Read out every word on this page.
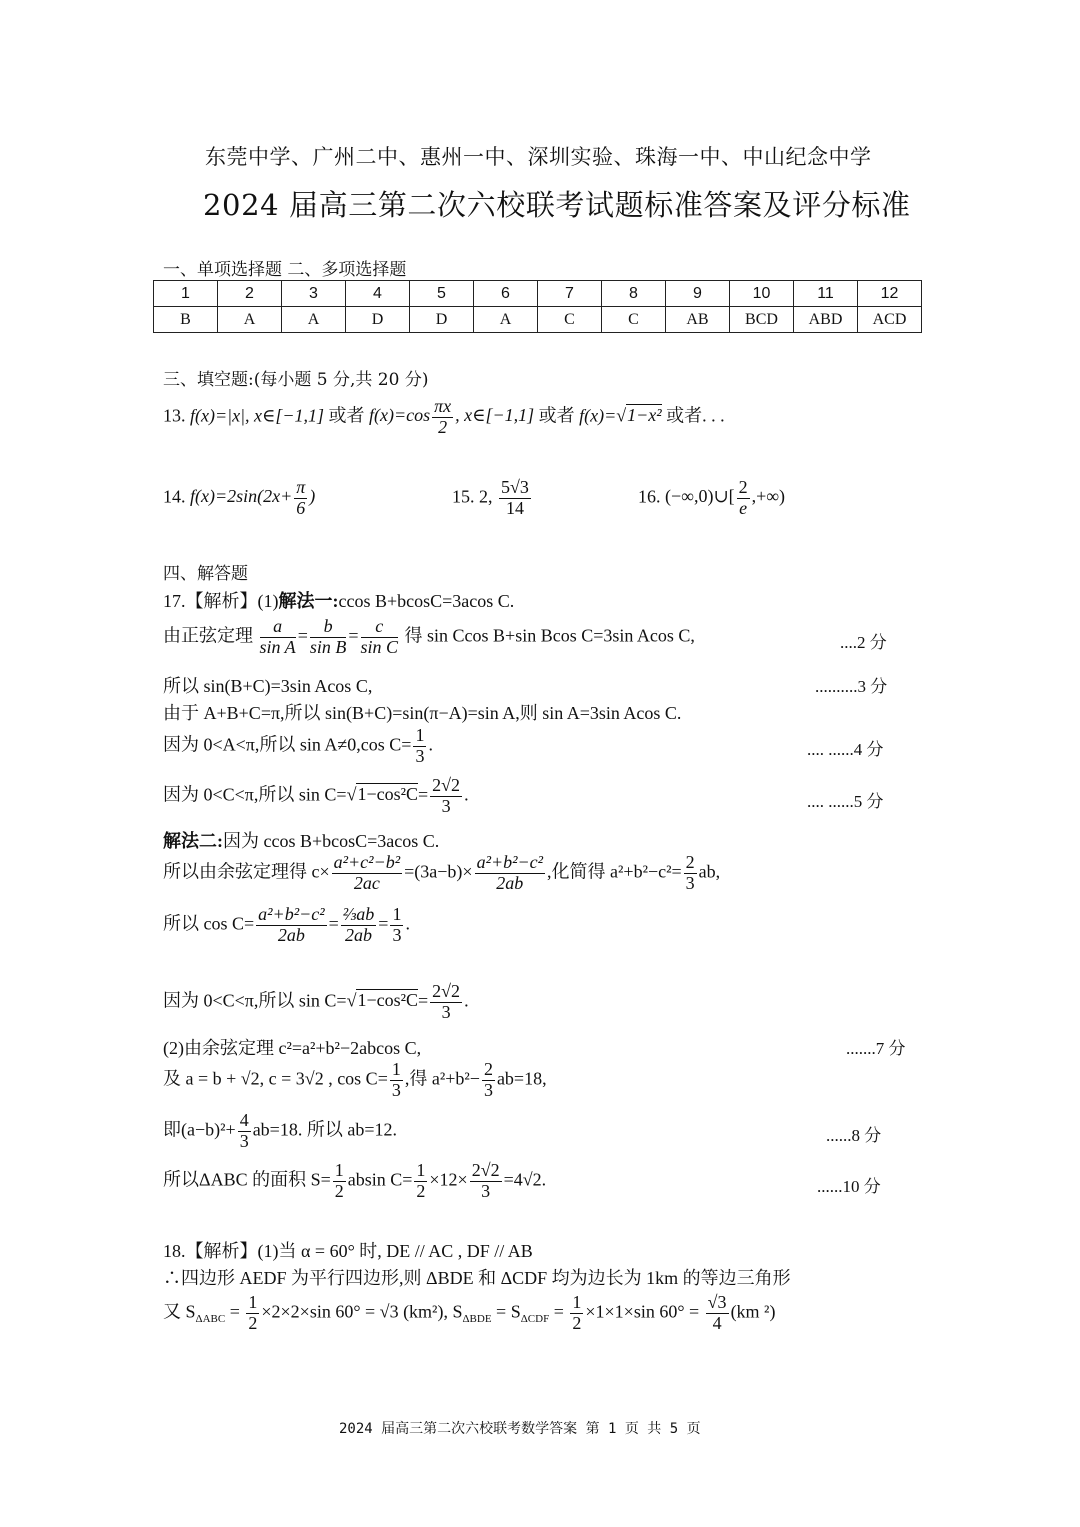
东莞中学、广州二中、惠州一中、深圳实验、珠海一中、中山纪念中学
2024 届高三第二次六校联考试题标准答案及评分标准
一、单项选择题 二、多项选择题
1	2	3	4	5	6	7	8	9	10	11	12
B	A	A	D	D	A	C	C	AB	BCD	ABD	ACD
三、填空题:(每小题 5 分,共 20 分)
13. f(x)=|x|, x∈[−1,1] 或者 $f(x)=\cos \frac{\pi x}{2}$ , x∈[−1,1] 或者 f(x)=√1−x² 或者. . .
14. $f(x)=2\sin(2x+ \frac{\pi}{6}$ )	15. 2, $\frac{5√3}{14}$	16. (−∞,0)∪[ $\frac{2}{e}$ ,+∞)
四、解答题
17.【解析】(1)解法一:ccos B+bcosC=3acos C.
由正弦定理 $\frac{a}{\text{sin A}} = \frac{b}{\text{sin B}} = \frac{c}{\text{sin C}}$ 得 sin Ccos B+sin Bcos C=3sin Acos C,	....2 分
所以 sin(B+C)=3sin Acos C,	..........3 分
由于 A+B+C=π,所以 sin(B+C)=sin(π−A)=sin A,则 sin A=3sin Acos C.
因为 0<A<π,所以 sin A≠0,cos $C= \frac{1}{3}$ .	.... ......4 分
因为 0<C<π,所以 $\sin C=√1-\cos^2C= \frac{2√2}{3}$ .	.... ......5 分
解法二:因为 ccos B+bcosC=3acos C.
所以由余弦定理得 $c\times \frac{\text{a²+c²−b²}}{2ac} =(3a-b)\times \frac{\text{a²+b²−c²}}{2ab}$ ,化简得 $a^2+b^2-c^2= \frac{2}{3}$ ab,
所以 $\cos C= \frac{\text{a²+b²−c²}}{2ab} = \frac{\text{⅔ab}}{2ab} = \frac{1}{3}$ .
因为 0<C<π,所以 $\sin C=√1-\cos^2C= \frac{2√2}{3}$ .
(2)由余弦定理 c²=a²+b²−2abcos C,	.......7 分
及 a = b + √2, c = 3√2 , $\cos C= \frac{1}{3}$ ,得 $a^2+b^2- \frac{2}{3} ab=18$,
即$(a-b)^2+ \frac{4}{3} ab=18$. 所以 ab=12.	......8 分
所以ΔABC 的面积 $S= \frac{1}{2}$ absin $C= \frac{1}{2} \times 12\times \frac{2√2}{3} =4√2$.	......10 分
18.【解析】(1)当 α = 60° 时, DE // AC , DF // AB
∴四边形 AEDF 为平行四边形,则 ΔBDE 和 ΔCDF 均为边长为 1km 的等边三角形
又 $S_{\Delta ABC} = \frac{1}{2} \times 2\times 2\times\sin$ 60° = √3 (km²), $S_{\Delta BDE} = S_{\Delta CDF} = \frac{1}{2} \times 1\times 1\times\sin$ $60^\circ = \frac{√3}{4} (km$ ²)
2024 届高三第二次六校联考数学答案 第 1 页 共 5 页
